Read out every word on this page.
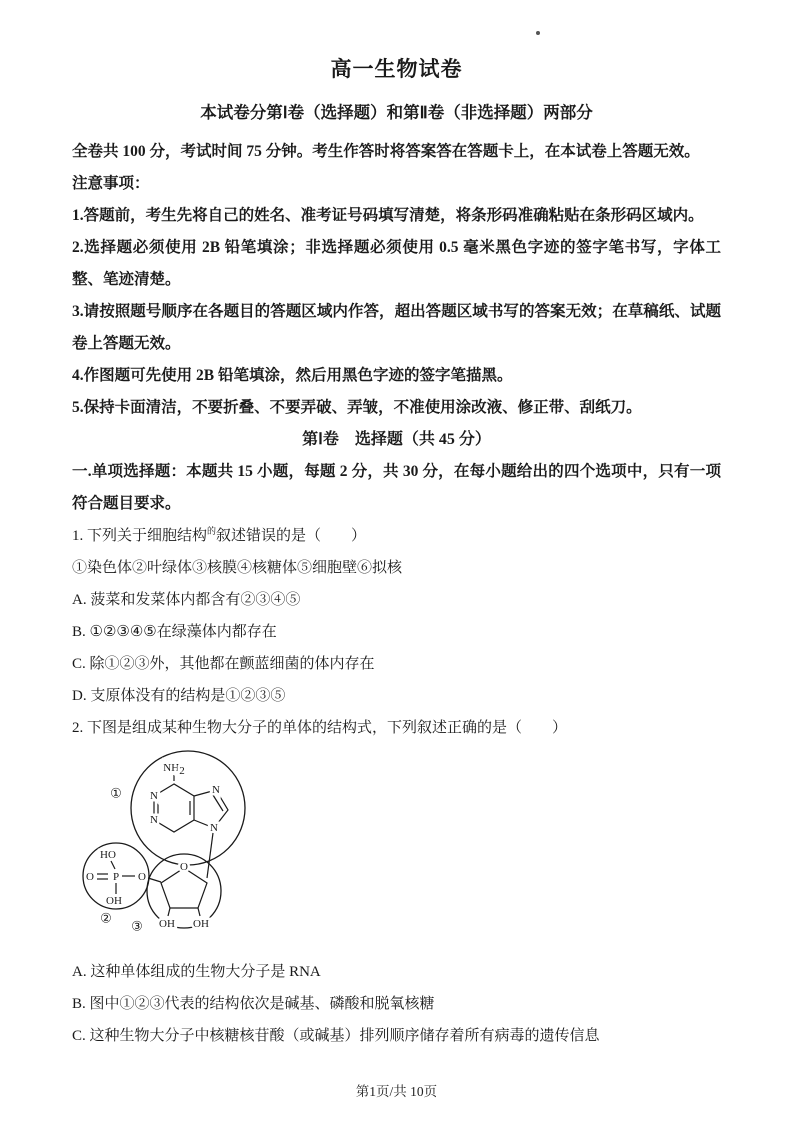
高一生物试卷
本试卷分第Ⅰ卷（选择题）和第Ⅱ卷（非选择题）两部分

全卷共 100 分，考试时间 75 分钟。考生作答时将答案答在答题卡上，在本试卷上答题无效。

注意事项：

1.答题前，考生先将自己的姓名、准考证号码填写清楚，将条形码准确粘贴在条形码区域内。

2.选择题必须使用 2B 铅笔填涂；非选择题必须使用 0.5 毫米黑色字迹的签字笔书写，字体工整、笔迹清楚。

3.请按照题号顺序在各题目的答题区域内作答，超出答题区域书写的答案无效；在草稿纸、试题卷上答题无效。

4.作图题可先使用 2B 铅笔填涂，然后用黑色字迹的签字笔描黑。

5.保持卡面清洁，不要折叠、不要弄破、弄皱，不准使用涂改液、修正带、刮纸刀。

第Ⅰ卷　选择题（共 45 分）

一.单项选择题：本题共 15 小题，每题 2 分，共 30 分，在每小题给出的四个选项中，只有一项符合题目要求。

1. 下列关于细胞结构$^的$叙述错误的是（　　）

①染色体②叶绿体③核膜④核糖体⑤细胞壁⑥拟核

A. 菠菜和发菜体内都含有②③④⑤

B. ①②③④⑤在绿藻体内都存在

C. 除①②③外，其他都在颤蓝细菌的体内存在

D. 支原体没有的结构是①②③⑤

2. 下图是组成某种生物大分子的单体的结构式，下列叙述正确的是（　　）

NH2
N
N
N
N
HO
O P O
OH
O
OH OH
①
②
③

A. 这种单体组成的生物大分子是 RNA

B. 图中①②③代表的结构依次是碱基、磷酸和脱氧核糖

C. 这种生物大分子中核糖核苷酸（或碱基）排列顺序储存着所有病毒的遗传信息

第1页/共 10页
